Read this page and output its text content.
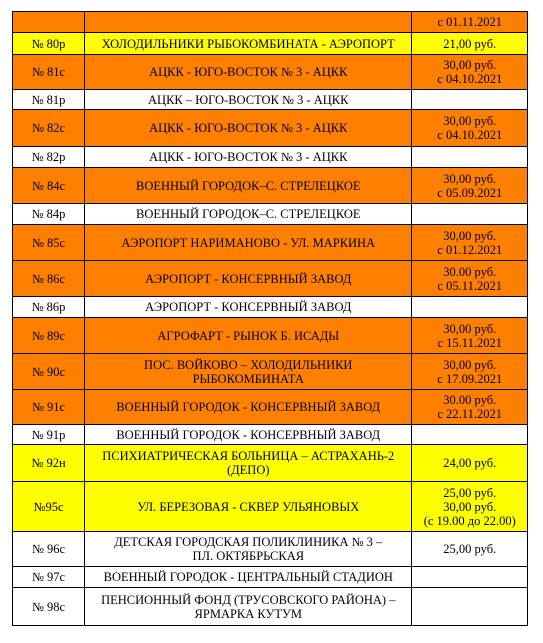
		с 01.11.2021
№ 80р	ХОЛОДИЛЬНИКИ РЫБОКОМБИНАТА - АЭРОПОРТ	21,00 руб.
№ 81с	АЦКК - ЮГО-ВОСТОК № 3 - АЦКК	30,00 руб.
с 04.10.2021
№ 81р	АЦКК – ЮГО-ВОСТОК № 3 - АЦКК	
№ 82с	АЦКК - ЮГО-ВОСТОК № 3 - АЦКК	30,00 руб.
с 04.10.2021
№ 82р	АЦКК - ЮГО-ВОСТОК № 3 - АЦКК	
№ 84с	ВОЕННЫЙ ГОРОДОК–С. СТРЕЛЕЦКОЕ	30,00 руб.
с 05.09.2021
№ 84р	ВОЕННЫЙ ГОРОДОК–С. СТРЕЛЕЦКОЕ	
№ 85с	АЭРОПОРТ НАРИМАНОВО - УЛ. МАРКИНА	30,00 руб.
с 01.12.2021
№ 86с	АЭРОПОРТ - КОНСЕРВНЫЙ ЗАВОД	30.00 руб.
с 05.11.2021
№ 86р	АЭРОПОРТ - КОНСЕРВНЫЙ ЗАВОД	
№ 89с	АГРОФАРТ - РЫНОК Б. ИСАДЫ	30,00 руб.
с 15.11.2021
№ 90с	ПОС. ВОЙКОВО – ХОЛОДИЛЬНИКИ
РЫБОКОМБИНАТА	30,00 руб.
с 17.09.2021
№ 91с	ВОЕННЫЙ ГОРОДОК - КОНСЕРВНЫЙ ЗАВОД	30.00 руб.
с 22.11.2021
№ 91р	ВОЕННЫЙ ГОРОДОК - КОНСЕРВНЫЙ ЗАВОД	
№ 92н	ПСИХИАТРИЧЕСКАЯ БОЛЬНИЦА – АСТРАХАНЬ-2
(ДЕПО)	24,00 руб.
№95с	УЛ. БЕРЕЗОВАЯ - СКВЕР УЛЬЯНОВЫХ	25,00 руб.
30,00 руб.
(с 19.00 до 22.00)
№ 96с	ДЕТСКАЯ ГОРОДСКАЯ ПОЛИКЛИНИКА № 3 –
ПЛ. ОКТЯБРЬСКАЯ	25,00 руб.
№ 97с	ВОЕННЫЙ ГОРОДОК - ЦЕНТРАЛЬНЫЙ СТАДИОН	
№ 98с	ПЕНСИОННЫЙ ФОНД (ТРУСОВСКОГО РАЙОНА) –
ЯРМАРКА КУТУМ	
